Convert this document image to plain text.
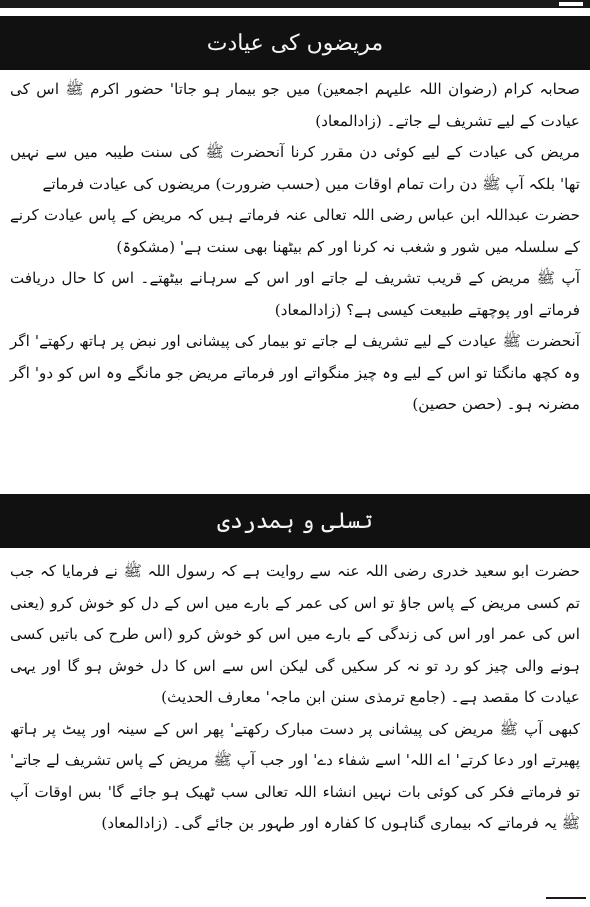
مریضوں کی عیادت

صحابہ کرام (رضوان اللہ علیہم اجمعین) میں جو بیمار ہو جاتا' حضور اکرم ﷺ اس کی عیادت کے لیے تشریف لے جاتے۔ (زادالمعاد)

مریض کی عیادت کے لیے کوئی دن مقرر کرنا آنحضرت ﷺ کی سنت طیبہ میں سے نہیں تھا' بلکہ آپ ﷺ دن رات تمام اوقات میں (حسب ضرورت) مریضوں کی عیادت فرماتے

حضرت عبداللہ ابن عباس رضی اللہ تعالی عنہ فرماتے ہیں کہ مریض کے پاس عیادت کرنے کے سلسلہ میں شور و شغب نہ کرنا اور کم بیٹھنا بھی سنت ہے' (مشکوۃ)

آپ ﷺ مریض کے قریب تشریف لے جاتے اور اس کے سرہانے بیٹھتے۔ اس کا حال دریافت فرماتے اور پوچھتے طبیعت کیسی ہے؟ (زادالمعاد)

آنحضرت ﷺ عیادت کے لیے تشریف لے جاتے تو بیمار کی پیشانی اور نبض پر ہاتھ رکھتے' اگر وہ کچھ مانگتا تو اس کے لیے وہ چیز منگواتے اور فرماتے مریض جو مانگے وہ اس کو دو' اگر مضرنہ ہو۔ (حصن حصین)

تسلی و ہمدردی

حضرت ابو سعید خدری رضی اللہ عنہ سے روایت ہے کہ رسول اللہ ﷺ نے فرمایا کہ جب تم کسی مریض کے پاس جاؤ تو اس کی عمر کے بارے میں اس کے دل کو خوش کرو (یعنی اس کی عمر اور اس کی زندگی کے بارے میں اس کو خوش کرو (اس طرح کی باتیں کسی ہونے والی چیز کو رد تو نہ کر سکیں گی لیکن اس سے اس کا دل خوش ہو گا اور یہی عیادت کا مقصد ہے۔ (جامع ترمذی سنن ابن ماجہ' معارف الحدیث)

کبھی آپ ﷺ مریض کی پیشانی پر دست مبارک رکھتے' پھر اس کے سینہ اور پیٹ پر ہاتھ پھیرتے اور دعا کرتے' اے اللہ' اسے شفاء دے' اور جب آپ ﷺ مریض کے پاس تشریف لے جاتے' تو فرماتے فکر کی کوئی بات نہیں انشاء اللہ تعالی سب ٹھیک ہو جائے گا' بس اوقات آپ ﷺ یہ فرماتے کہ بیماری گناہوں کا کفارہ اور طہور بن جائے گی۔ (زادالمعاد)
